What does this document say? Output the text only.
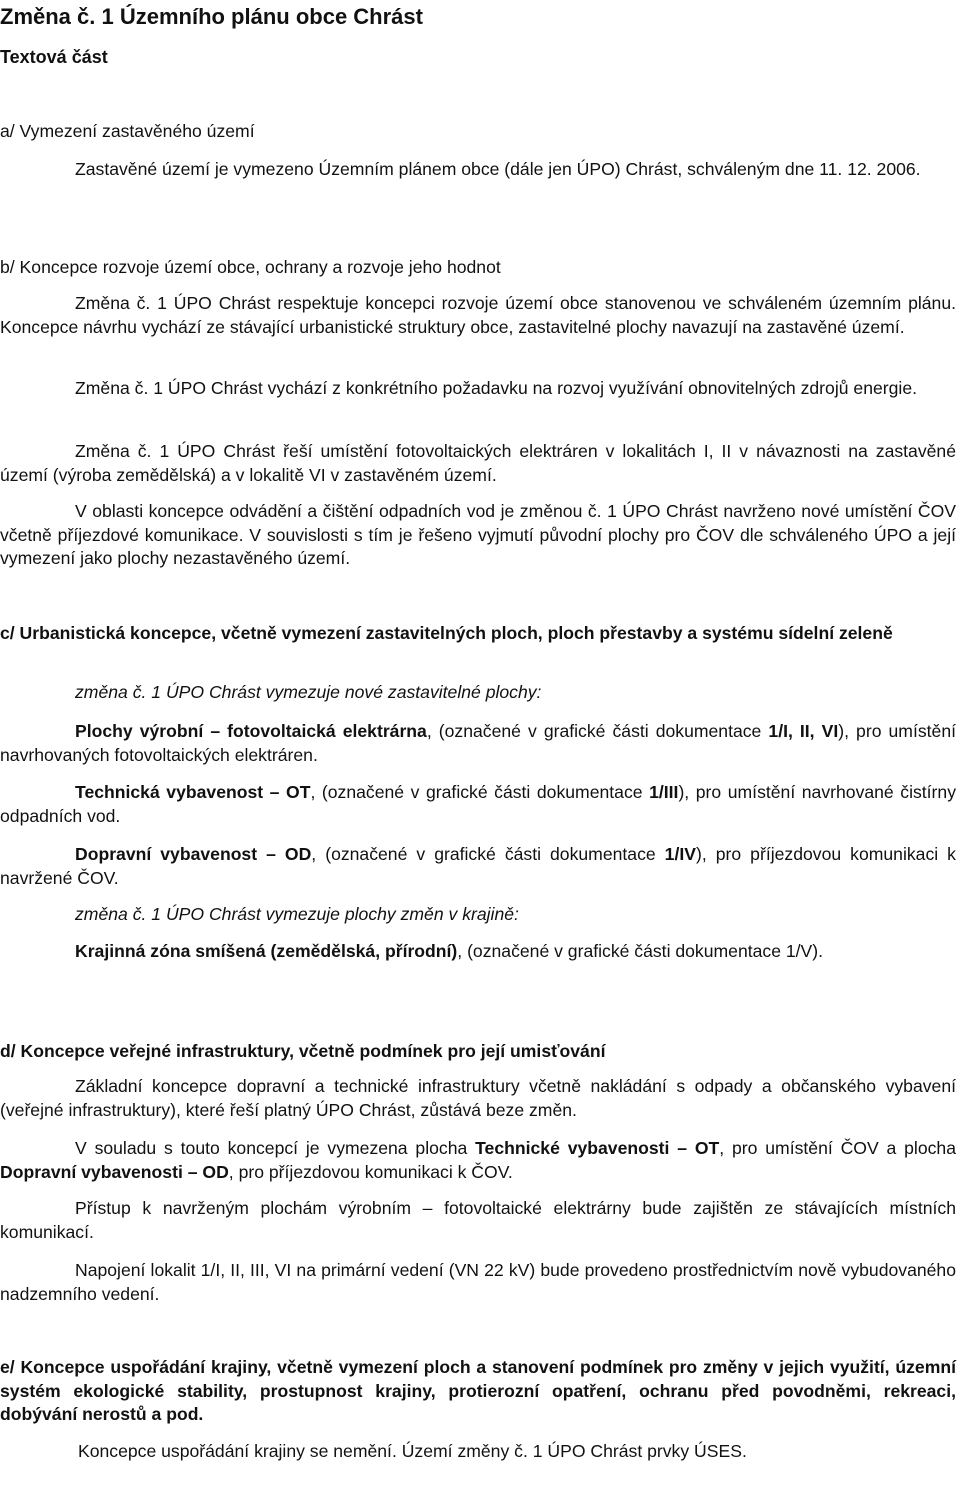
Změna č. 1 Územního plánu obce Chrást
Textová část
a/ Vymezení zastavěného území

Zastavěné území je vymezeno Územním plánem obce (dále jen ÚPO) Chrást, schváleným dne 11. 12. 2006.

b/ Koncepce rozvoje území obce, ochrany a rozvoje jeho hodnot

Změna č. 1 ÚPO Chrást respektuje koncepci rozvoje území obce stanovenou ve schváleném územním plánu. Koncepce návrhu vychází ze stávající urbanistické struktury obce, zastavitelné plochy navazují na zastavěné území.

Změna č. 1 ÚPO Chrást vychází z konkrétního požadavku na rozvoj využívání obnovitelných zdrojů energie.

Změna č. 1 ÚPO Chrást řeší umístění fotovoltaických elektráren v lokalitách I, II v návaznosti na zastavěné území (výroba zemědělská) a v lokalitě VI v zastavěném území.

V oblasti koncepce odvádění a čištění odpadních vod je změnou č. 1 ÚPO Chrást navrženo nové umístění ČOV včetně příjezdové komunikace. V souvislosti s tím je řešeno vyjmutí původní plochy pro ČOV dle schváleného ÚPO a její vymezení jako plochy nezastavěného území.

c/ Urbanistická koncepce, včetně vymezení zastavitelných ploch, ploch přestavby a systému sídelní zeleně

změna č. 1 ÚPO Chrást vymezuje nové zastavitelné plochy:

Plochy výrobní – fotovoltaická elektrárna, (označené v grafické části dokumentace 1/I, II, VI), pro umístění navrhovaných fotovoltaických elektráren.

Technická vybavenost – OT, (označené v grafické části dokumentace 1/III), pro umístění navrhované čistírny odpadních vod.

Dopravní vybavenost – OD, (označené v grafické části dokumentace 1/IV), pro příjezdovou komunikaci k navržené ČOV.

změna č. 1 ÚPO Chrást vymezuje plochy změn v krajině:

Krajinná zóna smíšená (zemědělská, přírodní), (označené v grafické části dokumentace 1/V).

d/ Koncepce veřejné infrastruktury, včetně podmínek pro její umisťování

Základní koncepce dopravní a technické infrastruktury včetně nakládání s odpady a občanského vybavení (veřejné infrastruktury), které řeší platný ÚPO Chrást, zůstává beze změn.

V souladu s touto koncepcí je vymezena plocha Technické vybavenosti – OT, pro umístění ČOV a plocha Dopravní vybavenosti – OD, pro příjezdovou komunikaci k ČOV.

Přístup k navrženým plochám výrobním – fotovoltaické elektrárny bude zajištěn ze stávajících místních komunikací.

Napojení lokalit 1/I, II, III, VI na primární vedení (VN 22 kV) bude provedeno prostřednictvím nově vybudovaného nadzemního vedení.

e/ Koncepce uspořádání krajiny, včetně vymezení ploch a stanovení podmínek pro změny v jejich využití, územní systém ekologické stability, prostupnost krajiny, protierozní opatření, ochranu před povodněmi, rekreaci, dobývání nerostů a pod.

Koncepce uspořádání krajiny se nemění. Území změny č. 1 ÚPO Chrást prvky ÚSES.
